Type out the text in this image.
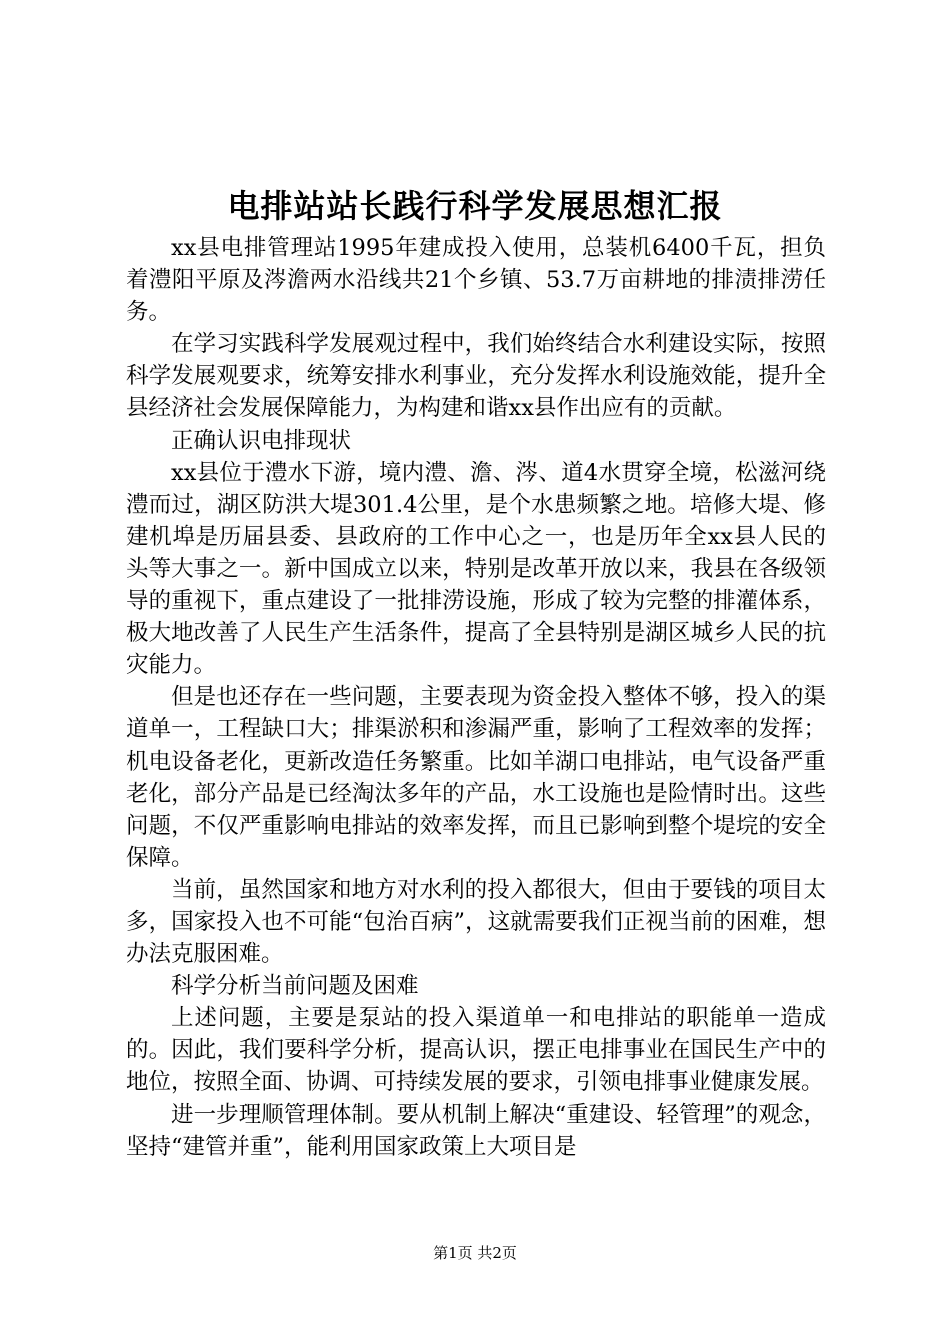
电排站站长践行科学发展思想汇报

xx县电排管理站1995年建成投入使用，总装机6400千瓦，担负着澧阳平原及涔澹两水沿线共21个乡镇、53.7万亩耕地的排渍排涝任务。

在学习实践科学发展观过程中，我们始终结合水利建设实际，按照科学发展观要求，统筹安排水利事业，充分发挥水利设施效能，提升全县经济社会发展保障能力，为构建和谐xx县作出应有的贡献。

正确认识电排现状

xx县位于澧水下游，境内澧、澹、涔、道4水贯穿全境，松滋河绕澧而过，湖区防洪大堤301.4公里，是个水患频繁之地。培修大堤、修建机埠是历届县委、县政府的工作中心之一，也是历年全xx县人民的头等大事之一。新中国成立以来，特别是改革开放以来，我县在各级领导的重视下，重点建设了一批排涝设施，形成了较为完整的排灌体系，极大地改善了人民生产生活条件，提高了全县特别是湖区城乡人民的抗灾能力。

但是也还存在一些问题，主要表现为资金投入整体不够，投入的渠道单一，工程缺口大；排渠淤积和渗漏严重，影响了工程效率的发挥；机电设备老化，更新改造任务繁重。比如羊湖口电排站，电气设备严重老化，部分产品是已经淘汰多年的产品，水工设施也是险情时出。这些问题，不仅严重影响电排站的效率发挥，而且已影响到整个堤垸的安全保障。

当前，虽然国家和地方对水利的投入都很大，但由于要钱的项目太多，国家投入也不可能“包治百病”，这就需要我们正视当前的困难，想办法克服困难。

科学分析当前问题及困难

上述问题，主要是泵站的投入渠道单一和电排站的职能单一造成的。因此，我们要科学分析，提高认识，摆正电排事业在国民生产中的地位，按照全面、协调、可持续发展的要求，引领电排事业健康发展。

进一步理顺管理体制。要从机制上解决“重建设、轻管理”的观念，坚持“建管并重”，能利用国家政策上大项目是

第1页 共2页
